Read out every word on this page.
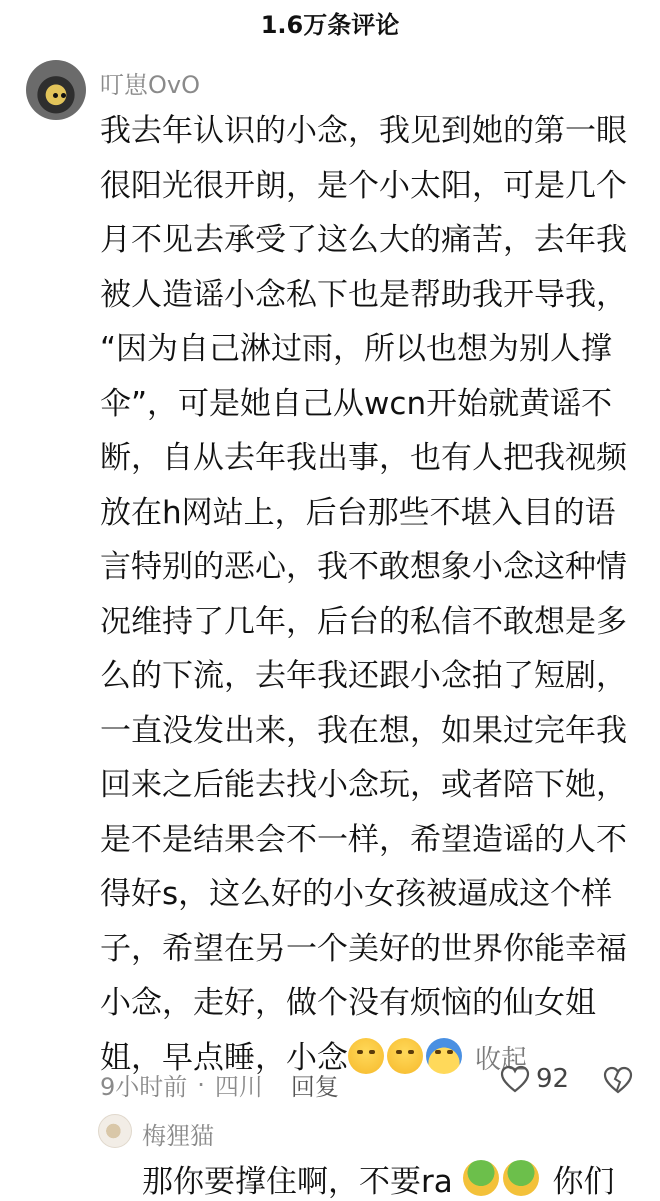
1.6万条评论
叮崽OvO
我去年认识的小念，我见到她的第一眼
很阳光很开朗，是个小太阳，可是几个
月不见去承受了这么大的痛苦，去年我
被人造谣小念私下也是帮助我开导我，
“因为自己淋过雨，所以也想为别人撑
伞”，可是她自己从wcn开始就黄谣不
断，自从去年我出事，也有人把我视频
放在h网站上，后台那些不堪入目的语
言特别的恶心，我不敢想象小念这种情
况维持了几年，后台的私信不敢想是多
么的下流，去年我还跟小念拍了短剧，
一直没发出来，我在想，如果过完年我
回来之后能去找小念玩，或者陪下她，
是不是结果会不一样，希望造谣的人不
得好s，这么好的小女孩被逼成这个样
子，希望在另一个美好的世界你能幸福
小念，走好，做个没有烦恼的仙女姐
姐，早点睡，小念	收起
9小时前 · 四川 回复	92
梅狸猫
那你要撑住啊，不要ra	你们
